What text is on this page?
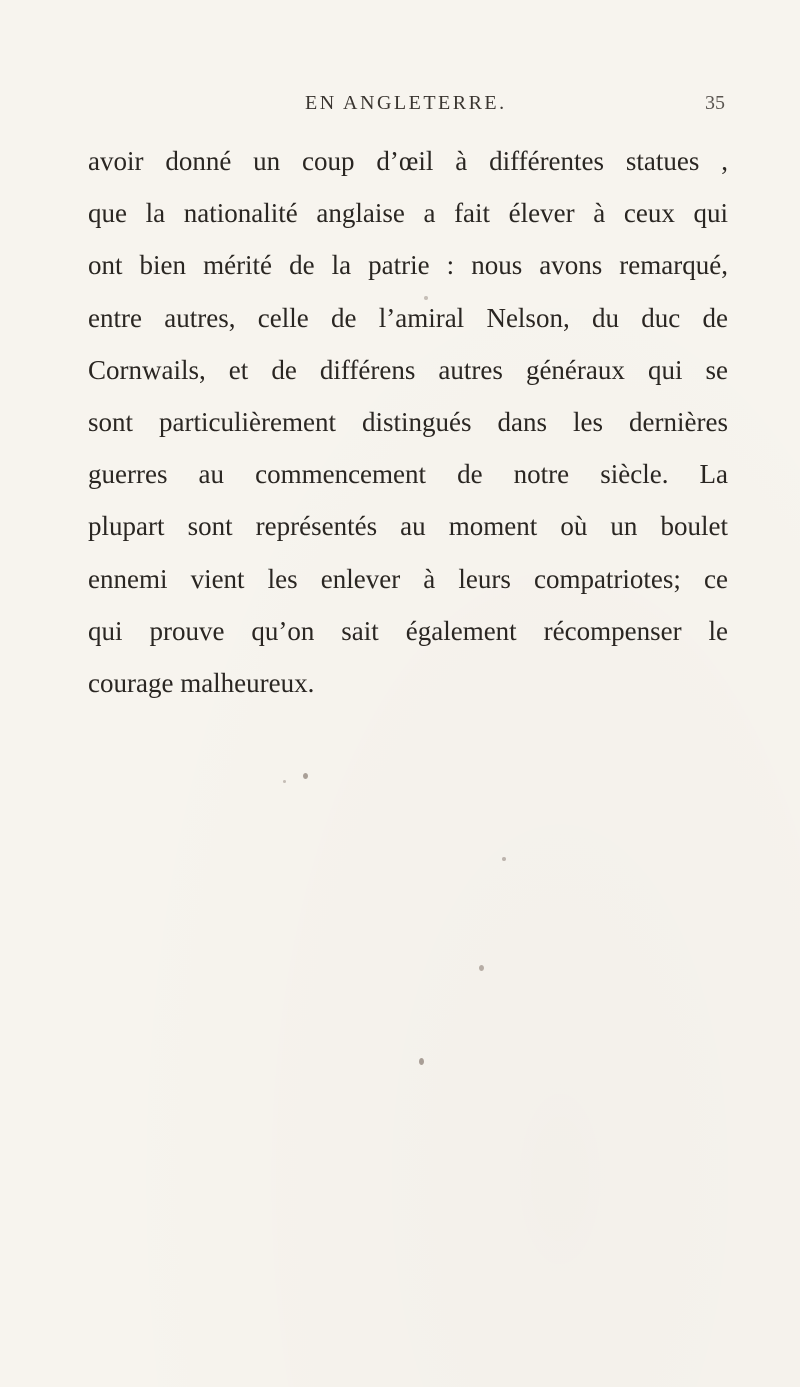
EN ANGLETERRE.	35
avoir donné un coup d’œil à différentes statues ,
que la nationalité anglaise a fait élever à ceux qui
ont bien mérité de la patrie : nous avons remarqué,
entre autres, celle de l’amiral Nelson, du duc de
Cornwails, et de différens autres généraux qui se
sont particulièrement distingués dans les dernières
guerres au commencement de notre siècle. La
plupart sont représentés au moment où un boulet
ennemi vient les enlever à leurs compatriotes; ce
qui prouve qu’on sait également récompenser le
courage malheureux.
